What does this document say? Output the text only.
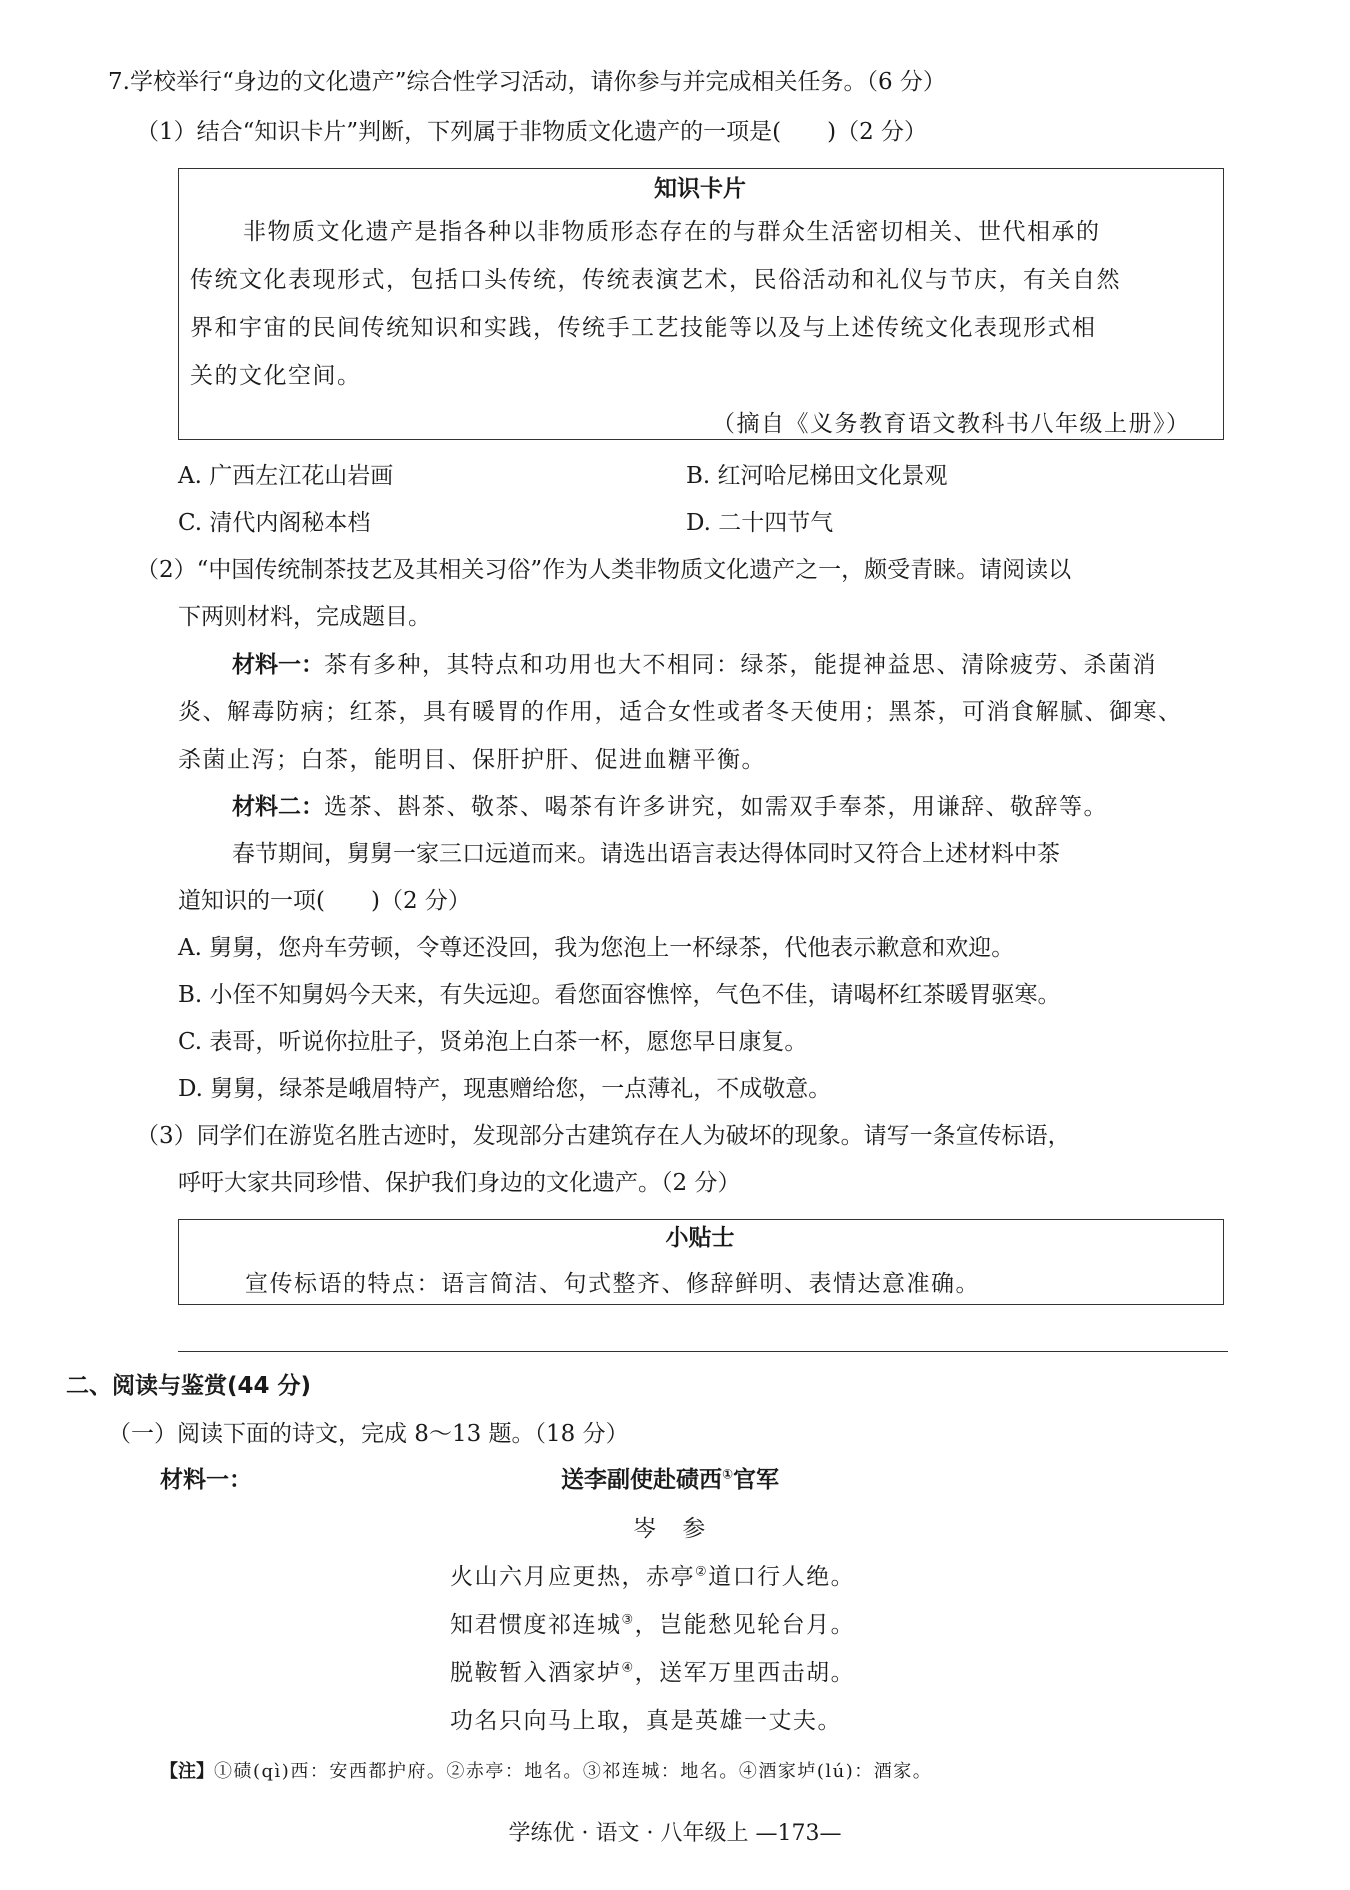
7.学校举行“身边的文化遗产”综合性学习活动，请你参与并完成相关任务。（6 分）
（1）结合“知识卡片”判断，下列属于非物质文化遗产的一项是(　　)（2 分）
知识卡片
非物质文化遗产是指各种以非物质形态存在的与群众生活密切相关、世代相承的
传统文化表现形式，包括口头传统，传统表演艺术，民俗活动和礼仪与节庆，有关自然
界和宇宙的民间传统知识和实践，传统手工艺技能等以及与上述传统文化表现形式相
关的文化空间。
（摘自《义务教育语文教科书八年级上册》）
A. 广西左江花山岩画	B. 红河哈尼梯田文化景观
C. 清代内阁秘本档	D. 二十四节气
（2）“中国传统制茶技艺及其相关习俗”作为人类非物质文化遗产之一，颇受青睐。请阅读以
下两则材料，完成题目。
材料一：茶有多种，其特点和功用也大不相同：绿茶，能提神益思、清除疲劳、杀菌消
炎、解毒防病；红茶，具有暖胃的作用，适合女性或者冬天使用；黑茶，可消食解腻、御寒、
杀菌止泻；白茶，能明目、保肝护肝、促进血糖平衡。
材料二：选茶、斟茶、敬茶、喝茶有许多讲究，如需双手奉茶，用谦辞、敬辞等。
春节期间，舅舅一家三口远道而来。请选出语言表达得体同时又符合上述材料中茶
道知识的一项(　　)（2 分）
A. 舅舅，您舟车劳顿，令尊还没回，我为您泡上一杯绿茶，代他表示歉意和欢迎。
B. 小侄不知舅妈今天来，有失远迎。看您面容憔悴，气色不佳，请喝杯红茶暖胃驱寒。
C. 表哥，听说你拉肚子，贤弟泡上白茶一杯，愿您早日康复。
D. 舅舅，绿茶是峨眉特产，现惠赠给您，一点薄礼，不成敬意。
（3）同学们在游览名胜古迹时，发现部分古建筑存在人为破坏的现象。请写一条宣传标语，
呼吁大家共同珍惜、保护我们身边的文化遗产。（2 分）
小贴士
宣传标语的特点：语言简洁、句式整齐、修辞鲜明、表情达意准确。
二、阅读与鉴赏(44 分)
（一）阅读下面的诗文，完成 8～13 题。（18 分）
材料一：	送李副使赴碛西①官军
岑　参
火山六月应更热，赤亭②道口行人绝。
知君惯度祁连城③，岂能愁见轮台月。
脱鞍暂入酒家垆④，送军万里西击胡。
功名只向马上取，真是英雄一丈夫。
【注】①碛(qì)西：安西都护府。②赤亭：地名。③祁连城：地名。④酒家垆(lú)：酒家。
学练优 · 语文 · 八年级上 —173—
